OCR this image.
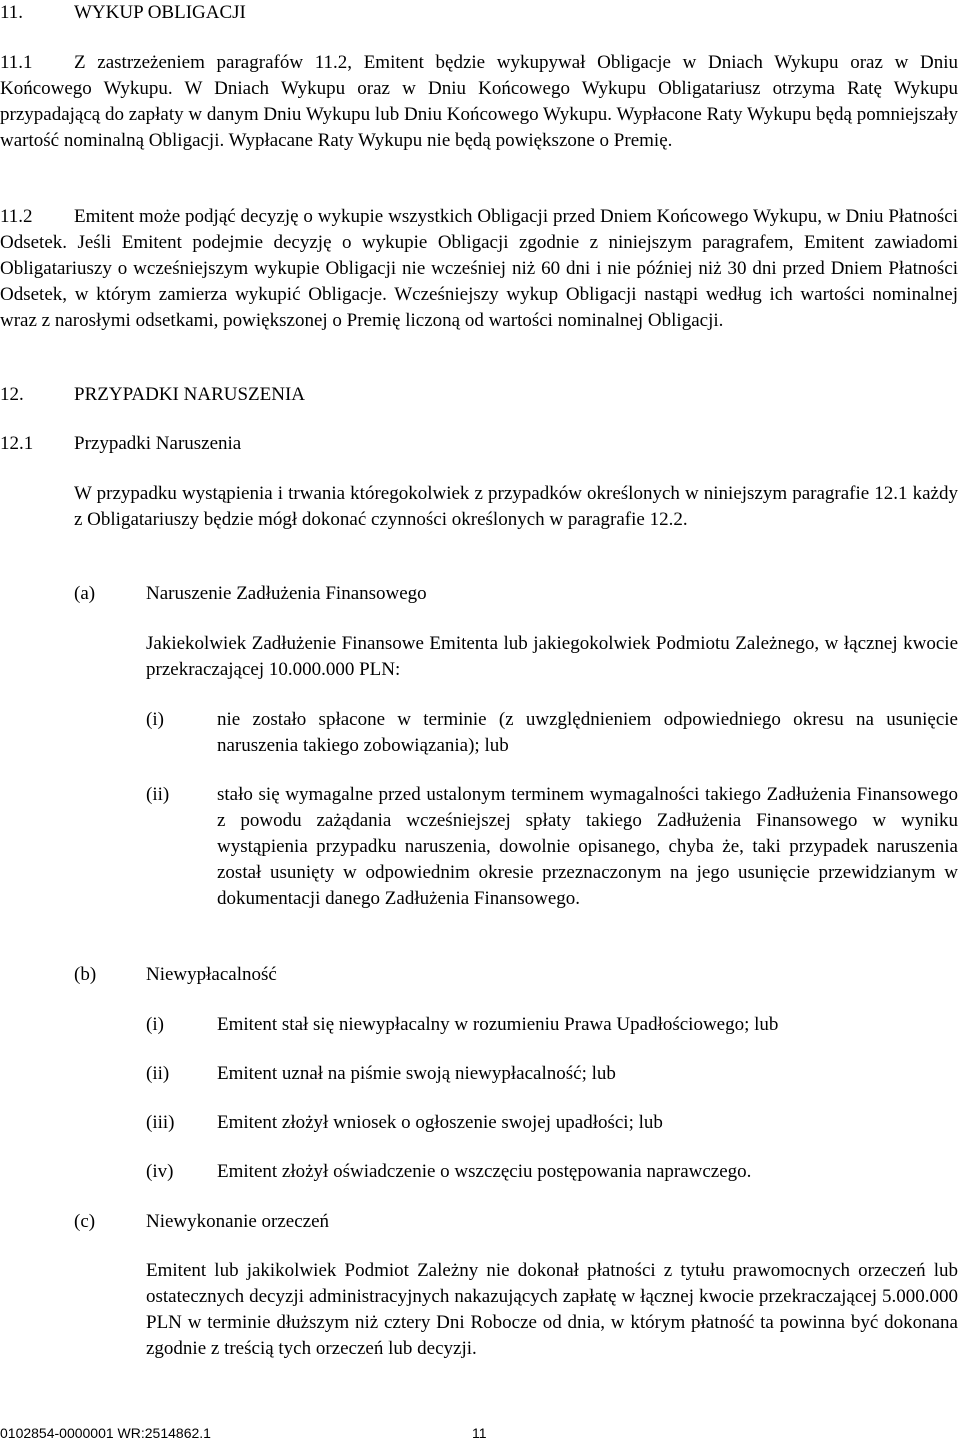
11.	WYKUP OBLIGACJI
11.1	Z zastrzeżeniem paragrafów 11.2, Emitent będzie wykupywał Obligacje w Dniach Wykupu oraz w Dniu Końcowego Wykupu. W Dniach Wykupu oraz w Dniu Końcowego Wykupu Obligatariusz otrzyma Ratę Wykupu przypadającą do zapłaty w danym Dniu Wykupu lub Dniu Końcowego Wykupu. Wypłacone Raty Wykupu będą pomniejszały wartość nominalną Obligacji. Wypłacane Raty Wykupu nie będą powiększone o Premię.
11.2	Emitent może podjąć decyzję o wykupie wszystkich Obligacji przed Dniem Końcowego Wykupu, w Dniu Płatności Odsetek. Jeśli Emitent podejmie decyzję o wykupie Obligacji zgodnie z niniejszym paragrafem, Emitent zawiadomi Obligatariuszy o wcześniejszym wykupie Obligacji nie wcześniej niż 60 dni i nie później niż 30 dni przed Dniem Płatności Odsetek, w którym zamierza wykupić Obligacje. Wcześniejszy wykup Obligacji nastąpi według ich wartości nominalnej wraz z narosłymi odsetkami, powiększonej o Premię liczoną od wartości nominalnej Obligacji.
12.	PRZYPADKI NARUSZENIA
12.1 Przypadki Naruszenia
W przypadku wystąpienia i trwania któregokolwiek z przypadków określonych w niniejszym paragrafie 12.1 każdy z Obligatariuszy będzie mógł dokonać czynności określonych w paragrafie 12.2.
(a)	Naruszenie Zadłużenia Finansowego
Jakiekolwiek Zadłużenie Finansowe Emitenta lub jakiegokolwiek Podmiotu Zależnego, w łącznej kwocie przekraczającej 10.000.000 PLN:
(i)	nie zostało spłacone w terminie (z uwzględnieniem odpowiedniego okresu na usunięcie naruszenia takiego zobowiązania); lub
(ii)	stało się wymagalne przed ustalonym terminem wymagalności takiego Zadłużenia Finansowego z powodu zażądania wcześniejszej spłaty takiego Zadłużenia Finansowego w wyniku wystąpienia przypadku naruszenia, dowolnie opisanego, chyba że, taki przypadek naruszenia został usunięty w odpowiednim okresie przeznaczonym na jego usunięcie przewidzianym w dokumentacji danego Zadłużenia Finansowego.
(b)	Niewypłacalność
(i)	Emitent stał się niewypłacalny w rozumieniu Prawa Upadłościowego; lub
(ii)	Emitent uznał na piśmie swoją niewypłacalność; lub
(iii) Emitent złożył wniosek o ogłoszenie swojej upadłości; lub
(iv) Emitent złożył oświadczenie o wszczęciu postępowania naprawczego.
(c)	Niewykonanie orzeczeń
Emitent lub jakikolwiek Podmiot Zależny nie dokonał płatności z tytułu prawomocnych orzeczeń lub ostatecznych decyzji administracyjnych nakazujących zapłatę w łącznej kwocie przekraczającej 5.000.000 PLN w terminie dłuższym niż cztery Dni Robocze od dnia, w którym płatność ta powinna być dokonana zgodnie z treścią tych orzeczeń lub decyzji.
0102854-0000001 WR:2514862.1	11
